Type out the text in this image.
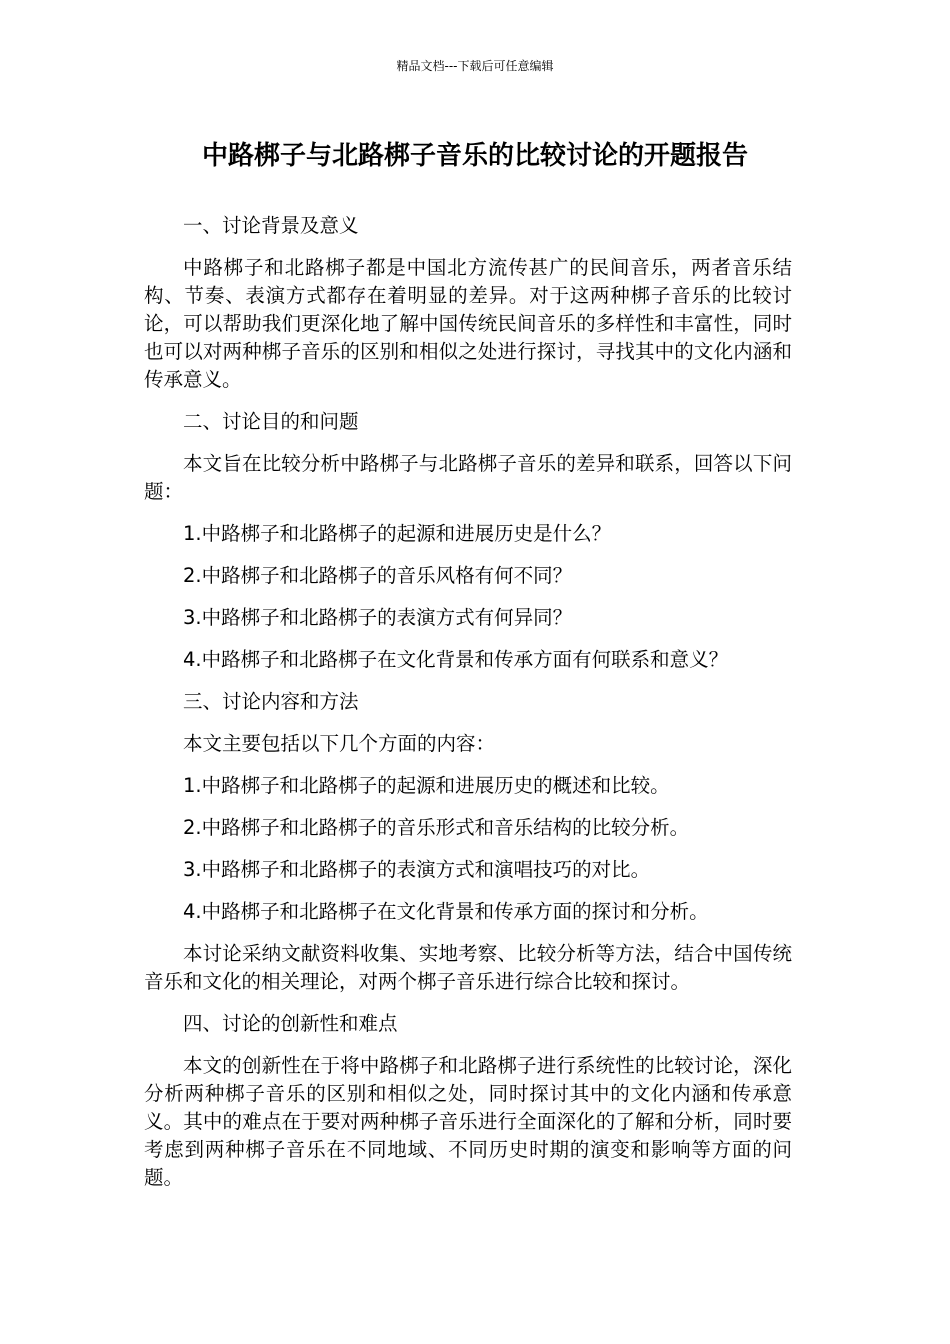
精品文档---下载后可任意编辑
中路梆子与北路梆子音乐的比较讨论的开题报告

一、讨论背景及意义

中路梆子和北路梆子都是中国北方流传甚广的民间音乐，两者音乐结构、节奏、表演方式都存在着明显的差异。对于这两种梆子音乐的比较讨论，可以帮助我们更深化地了解中国传统民间音乐的多样性和丰富性，同时也可以对两种梆子音乐的区别和相似之处进行探讨，寻找其中的文化内涵和传承意义。

二、讨论目的和问题

本文旨在比较分析中路梆子与北路梆子音乐的差异和联系，回答以下问题：

1.中路梆子和北路梆子的起源和进展历史是什么？

2.中路梆子和北路梆子的音乐风格有何不同？

3.中路梆子和北路梆子的表演方式有何异同？

4.中路梆子和北路梆子在文化背景和传承方面有何联系和意义？

三、讨论内容和方法

本文主要包括以下几个方面的内容：

1.中路梆子和北路梆子的起源和进展历史的概述和比较。

2.中路梆子和北路梆子的音乐形式和音乐结构的比较分析。

3.中路梆子和北路梆子的表演方式和演唱技巧的对比。

4.中路梆子和北路梆子在文化背景和传承方面的探讨和分析。

本讨论采纳文献资料收集、实地考察、比较分析等方法，结合中国传统音乐和文化的相关理论，对两个梆子音乐进行综合比较和探讨。

四、讨论的创新性和难点

本文的创新性在于将中路梆子和北路梆子进行系统性的比较讨论，深化分析两种梆子音乐的区别和相似之处，同时探讨其中的文化内涵和传承意义。其中的难点在于要对两种梆子音乐进行全面深化的了解和分析，同时要考虑到两种梆子音乐在不同地域、不同历史时期的演变和影响等方面的问题。
